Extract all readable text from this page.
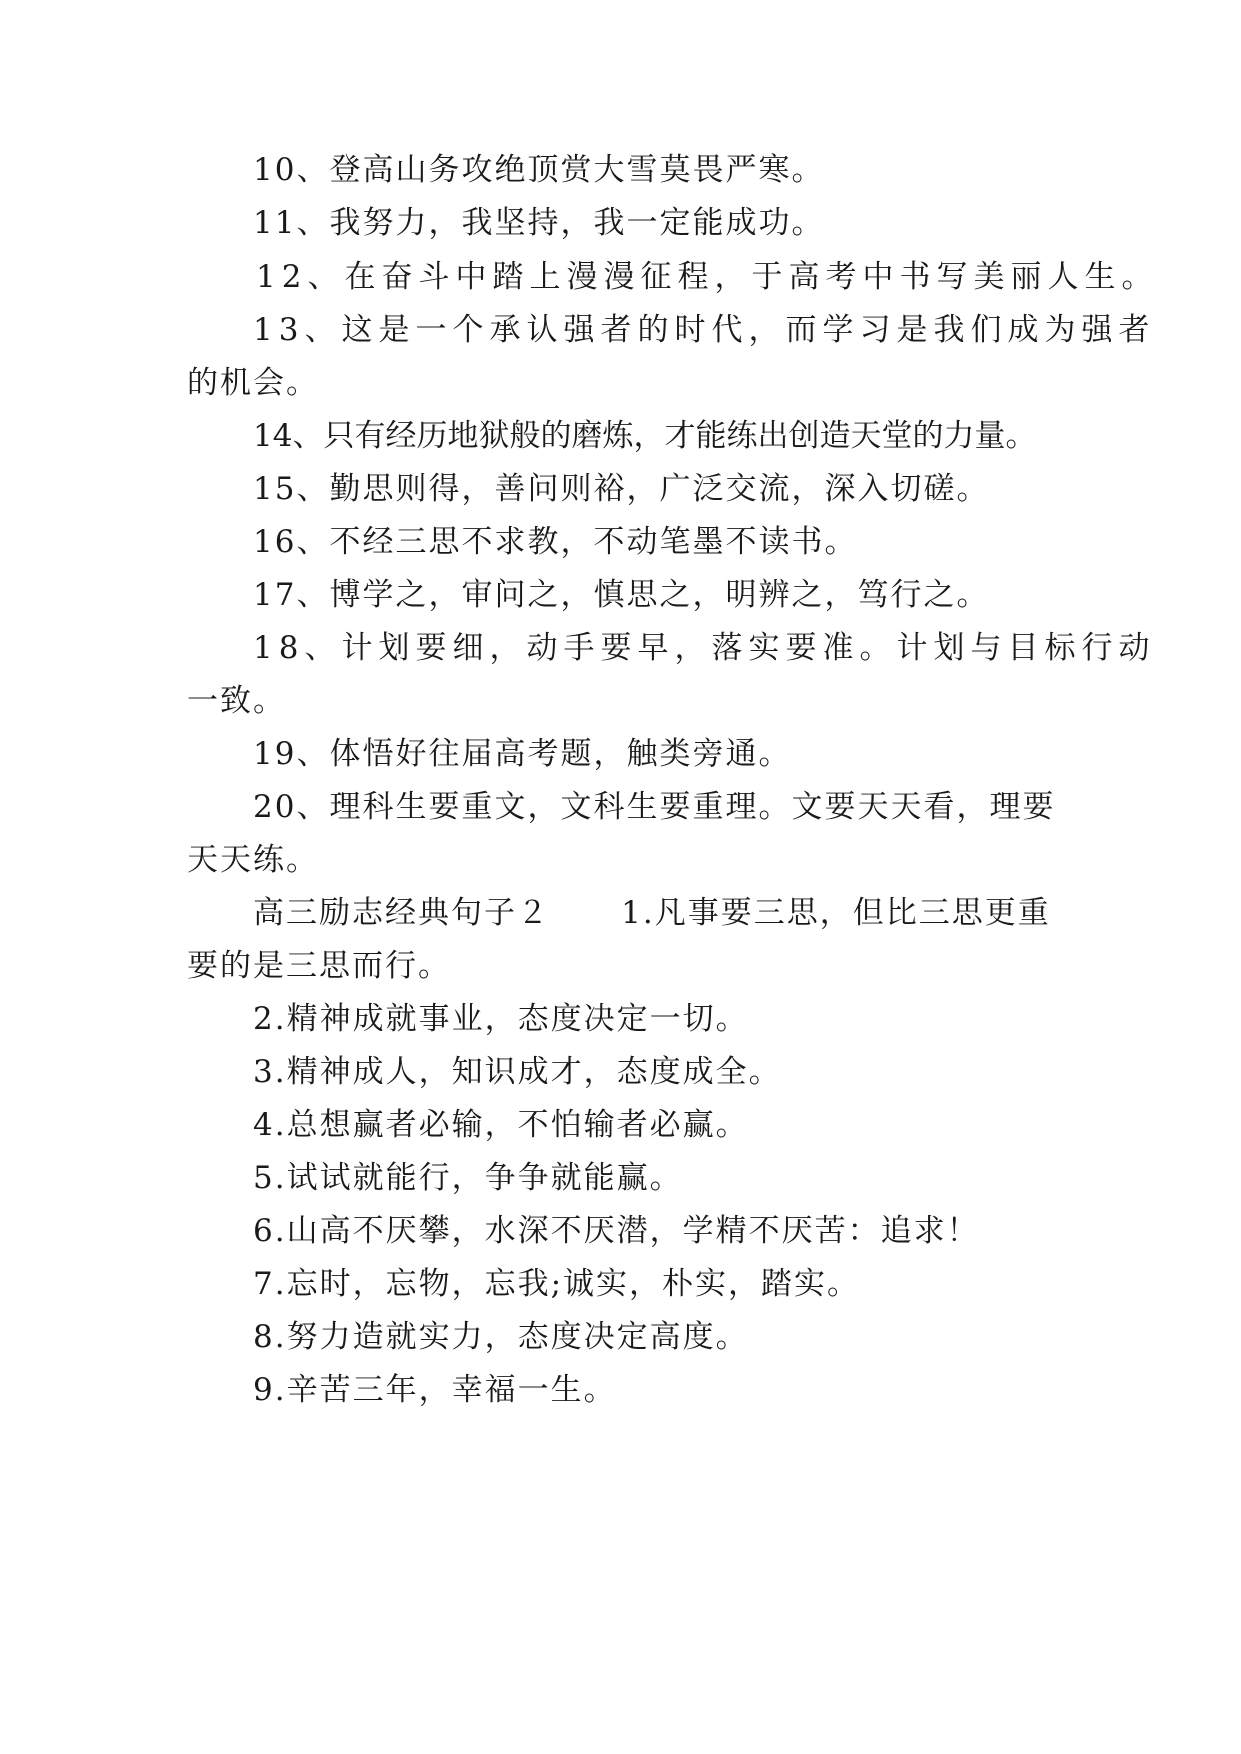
10、登高山务攻绝顶赏大雪莫畏严寒。
11、我努力，我坚持，我一定能成功。
12、在奋斗中踏上漫漫征程，于高考中书写美丽人生。
13、这是一个承认强者的时代，而学习是我们成为强者
的机会。
14、只有经历地狱般的磨炼，才能练出创造天堂的力量。
15、勤思则得，善问则裕，广泛交流，深入切磋。
16、不经三思不求教，不动笔墨不读书。
17、博学之，审问之，慎思之，明辨之，笃行之。
18、计划要细，动手要早，落实要准。计划与目标行动
一致。
19、体悟好往届高考题，触类旁通。
20、理科生要重文，文科生要重理。文要天天看，理要
天天练。
高三励志经典句子２      1.凡事要三思，但比三思更重
要的是三思而行。
2.精神成就事业，态度决定一切。
3.精神成人，知识成才，态度成全。
4.总想赢者必输，不怕输者必赢。
5.试试就能行，争争就能赢。
6.山高不厌攀，水深不厌潜，学精不厌苦：追求！
7.忘时，忘物，忘我;诚实，朴实，踏实。
8.努力造就实力，态度决定高度。
9.辛苦三年，幸福一生。
